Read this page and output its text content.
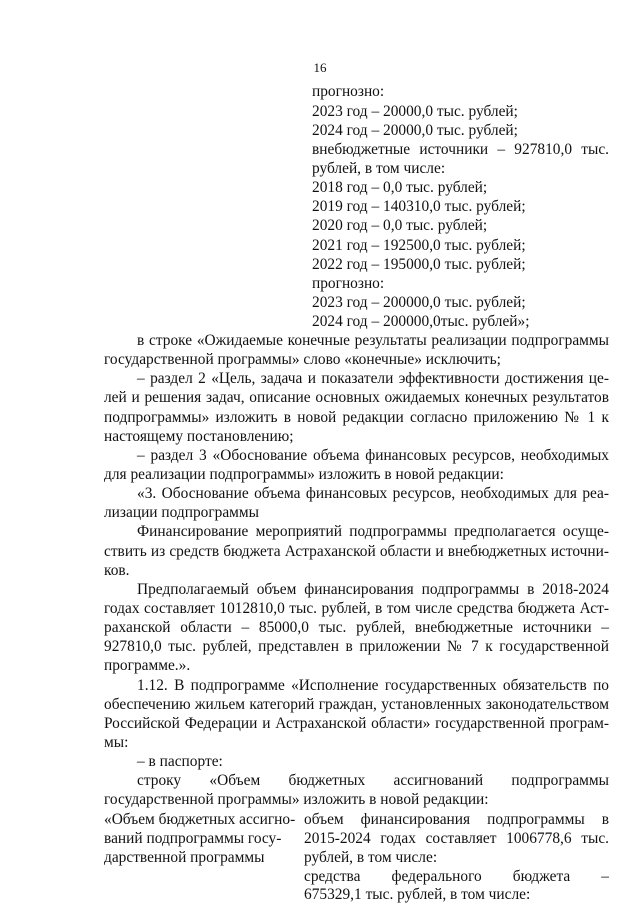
16
прогнозно:
2023 год – 20000,0 тыс. рублей;
2024 год – 20000,0 тыс. рублей;
внебюджетные источники – 927810,0 тыс.
рублей, в том числе:
2018 год – 0,0 тыс. рублей;
2019 год – 140310,0 тыс. рублей;
2020 год – 0,0 тыс. рублей;
2021 год – 192500,0 тыс. рублей;
2022 год – 195000,0 тыс. рублей;
прогнозно:
2023 год – 200000,0 тыс. рублей;
2024 год – 200000,0тыс. рублей»;
в строке «Ожидаемые конечные результаты реализации подпрограммы
государственной программы» слово «конечные» исключить;
– раздел 2 «Цель, задача и показатели эффективности достижения це-
лей и решения задач, описание основных ожидаемых конечных результатов
подпрограммы» изложить в новой редакции согласно приложению № 1 к
настоящему постановлению;
– раздел 3 «Обоснование объема финансовых ресурсов, необходимых
для реализации подпрограммы» изложить в новой редакции:
«3. Обоснование объема финансовых ресурсов, необходимых для реа-
лизации подпрограммы
Финансирование мероприятий подпрограммы предполагается осуще-
ствить из средств бюджета Астраханской области и внебюджетных источни-
ков.
Предполагаемый объем финансирования подпрограммы в 2018-2024
годах составляет 1012810,0 тыс. рублей, в том числе средства бюджета Аст-
раханской области – 85000,0 тыс. рублей, внебюджетные источники –
927810,0 тыс. рублей, представлен в приложении № 7 к государственной
программе.».
1.12. В подпрограмме «Исполнение государственных обязательств по
обеспечению жильем категорий граждан, установленных законодательством
Российской Федерации и Астраханской области» государственной програм-
мы:
– в паспорте:
строку «Объем бюджетных ассигнований подпрограммы
государственной программы» изложить в новой редакции:
«Объем бюджетных ассигно-
ваний подпрограммы госу-
дарственной программы
объем финансирования подпрограммы в
2015-2024 годах составляет 1006778,6 тыс.
рублей, в том числе:
средства федерального бюджета –
675329,1 тыс. рублей, в том числе:
